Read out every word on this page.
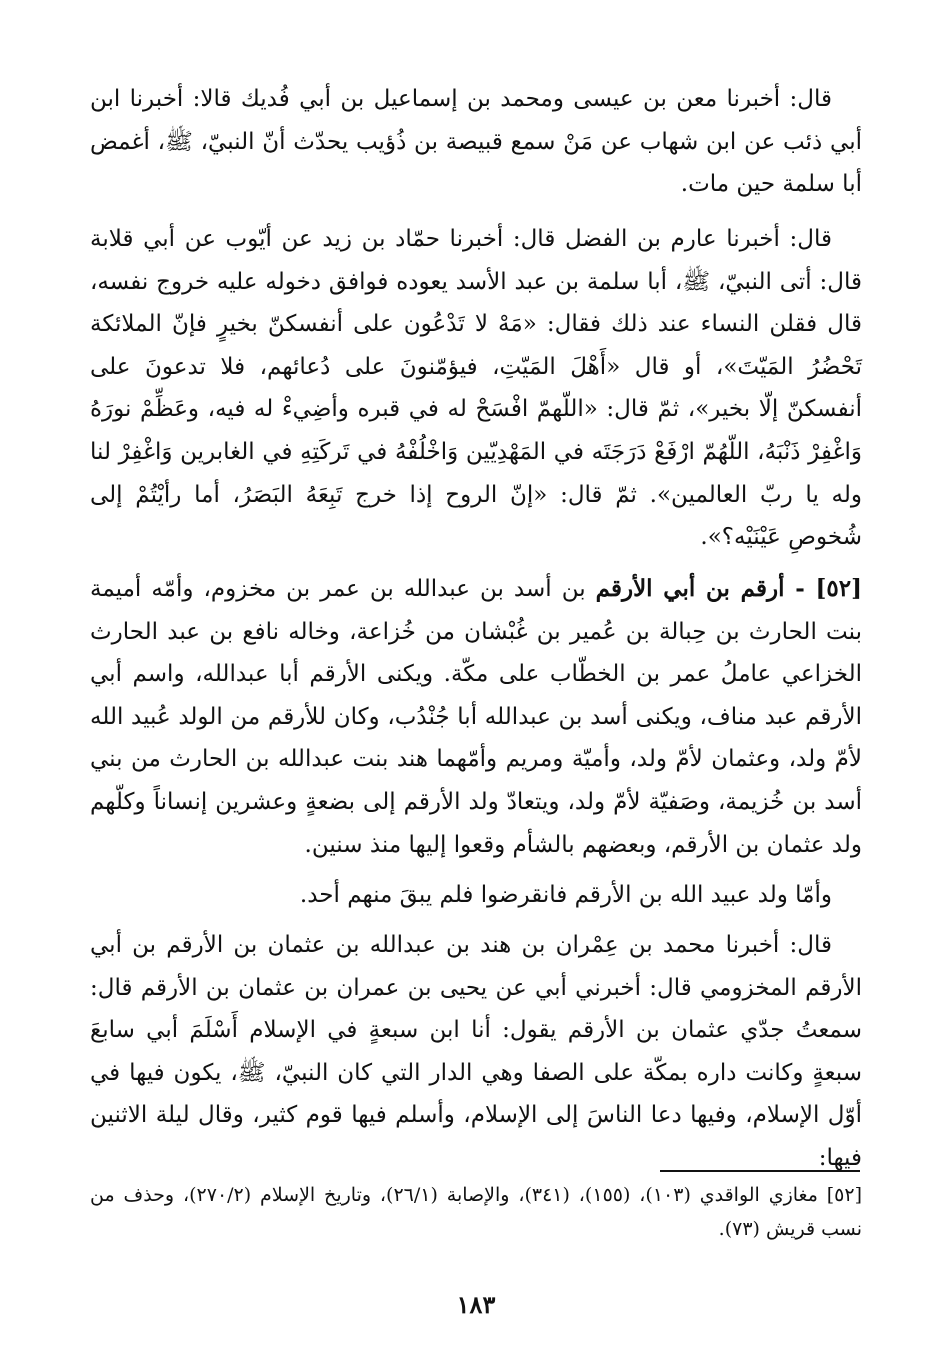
قال: أخبرنا معن بن عيسى ومحمد بن إسماعيل بن أبي فُديك قالا: أخبرنا ابن أبي ذئب عن ابن شهاب عن مَنْ سمع قبيصة بن ذُؤيب يحدّث أنّ النبيّ، ﷺ، أغمض أبا سلمة حين مات.

قال: أخبرنا عارم بن الفضل قال: أخبرنا حمّاد بن زيد عن أيّوب عن أبي قلابة قال: أتى النبيّ، ﷺ، أبا سلمة بن عبد الأسد يعوده فوافق دخوله عليه خروج نفسه، قال فقلن النساء عند ذلك فقال: «مَهْ لا تَدْعُون على أنفسكنّ بخيرٍ فإنّ الملائكة تَحْضُرُ المَيّتَ»، أو قال «أَهْلَ المَيّتِ، فيؤمّنونَ على دُعائهم، فلا تدعونَ على أنفسكنّ إلّا بخير»، ثمّ قال: «اللّهمّ افْسَحْ له في قبره وأضِيءْ له فيه، وعَظِّمْ نورَهُ وَاغْفِرْ ذَنْبَهُ، اللّهُمّ ارْفَعْ دَرَجَتَه في المَهْدِيّين وَاخْلُفْهُ في تَركَتِهِ في الغابرين وَاغْفِرْ لنا وله يا ربّ العالمين». ثمّ قال: «إنّ الروح إذا خرج تَبِعَهُ البَصَرُ، أما رأيْتُمْ إلى شُخوصِ عَيْنَيْه؟».

[٥٢] - أرقم بن أبي الأرقم بن أسد بن عبدالله بن عمر بن مخزوم، وأمّه أميمة بنت الحارث بن حِبالة بن عُمير بن غُبْشان من خُزاعة، وخاله نافع بن عبد الحارث الخزاعي عاملُ عمر بن الخطّاب على مكّة. ويكنى الأرقم أبا عبدالله، واسم أبي الأرقم عبد مناف، ويكنى أسد بن عبدالله أبا جُنْدُب، وكان للأرقم من الولد عُبيد الله لأمّ ولد، وعثمان لأمّ ولد، وأميّة ومريم وأمّهما هند بنت عبدالله بن الحارث من بني أسد بن خُزيمة، وصَفيّة لأمّ ولد، ويتعادّ ولد الأرقم إلى بضعةٍ وعشرين إنساناً وكلّهم ولد عثمان بن الأرقم، وبعضهم بالشأم وقعوا إليها منذ سنين.

وأمّا ولد عبيد الله بن الأرقم فانقرضوا فلم يبقَ منهم أحد.

قال: أخبرنا محمد بن عِمْران بن هند بن عبدالله بن عثمان بن الأرقم بن أبي الأرقم المخزومي قال: أخبرني أبي عن يحيى بن عمران بن عثمان بن الأرقم قال: سمعتُ جدّي عثمان بن الأرقم يقول: أنا ابن سبعةٍ في الإسلام أَسْلَمَ أبي سابعَ سبعةٍ وكانت داره بمكّة على الصفا وهي الدار التي كان النبيّ، ﷺ، يكون فيها في أوّل الإسلام، وفيها دعا الناسَ إلى الإسلام، وأسلم فيها قوم كثير، وقال ليلة الاثنين فيها:

[٥٢] مغازي الواقدي (١٠٣)، (١٥٥)، (٣٤١)، والإصابة (٢٦/١)، وتاريخ الإسلام (٢٧٠/٢)، وحذف من نسب قريش (٧٣).

١٨٣
